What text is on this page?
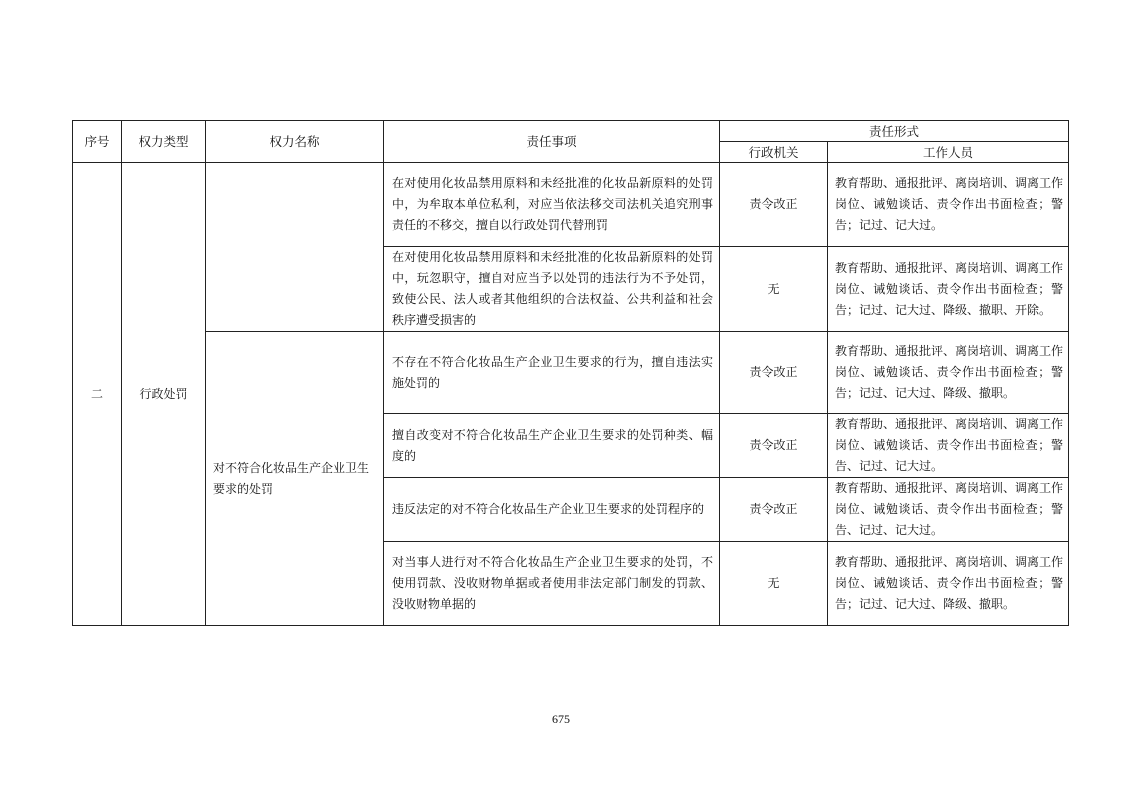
序号	权力类型	权力名称	责任事项	责任形式	
				行政机关	工作人员
二	行政处罚		在对使用化妆品禁用原料和未经批准的化妆品新原料的处罚中，为牟取本单位私利，对应当依法移交司法机关追究刑事责任的不移交，擅自以行政处罚代替刑罚	责令改正	教育帮助、通报批评、离岗培训、调离工作岗位、诫勉谈话、责令作出书面检查；警告；记过、记大过。
			在对使用化妆品禁用原料和未经批准的化妆品新原料的处罚中，玩忽职守，擅自对应当予以处罚的违法行为不予处罚，致使公民、法人或者其他组织的合法权益、公共利益和社会秩序遭受损害的	无	教育帮助、通报批评、离岗培训、调离工作岗位、诫勉谈话、责令作出书面检查；警告；记过、记大过、降级、撤职、开除。
		对不符合化妆品生产企业卫生要求的处罚	不存在不符合化妆品生产企业卫生要求的行为，擅自违法实施处罚的	责令改正	教育帮助、通报批评、离岗培训、调离工作岗位、诫勉谈话、责令作出书面检查；警告；记过、记大过、降级、撤职。
			擅自改变对不符合化妆品生产企业卫生要求的处罚种类、幅度的	责令改正	教育帮助、通报批评、离岗培训、调离工作岗位、诫勉谈话、责令作出书面检查；警告、记过、记大过。
			违反法定的对不符合化妆品生产企业卫生要求的处罚程序的	责令改正	教育帮助、通报批评、离岗培训、调离工作岗位、诫勉谈话、责令作出书面检查；警告、记过、记大过。
			对当事人进行对不符合化妆品生产企业卫生要求的处罚，不使用罚款、没收财物单据或者使用非法定部门制发的罚款、没收财物单据的	无	教育帮助、通报批评、离岗培训、调离工作岗位、诫勉谈话、责令作出书面检查；警告；记过、记大过、降级、撤职。
675
